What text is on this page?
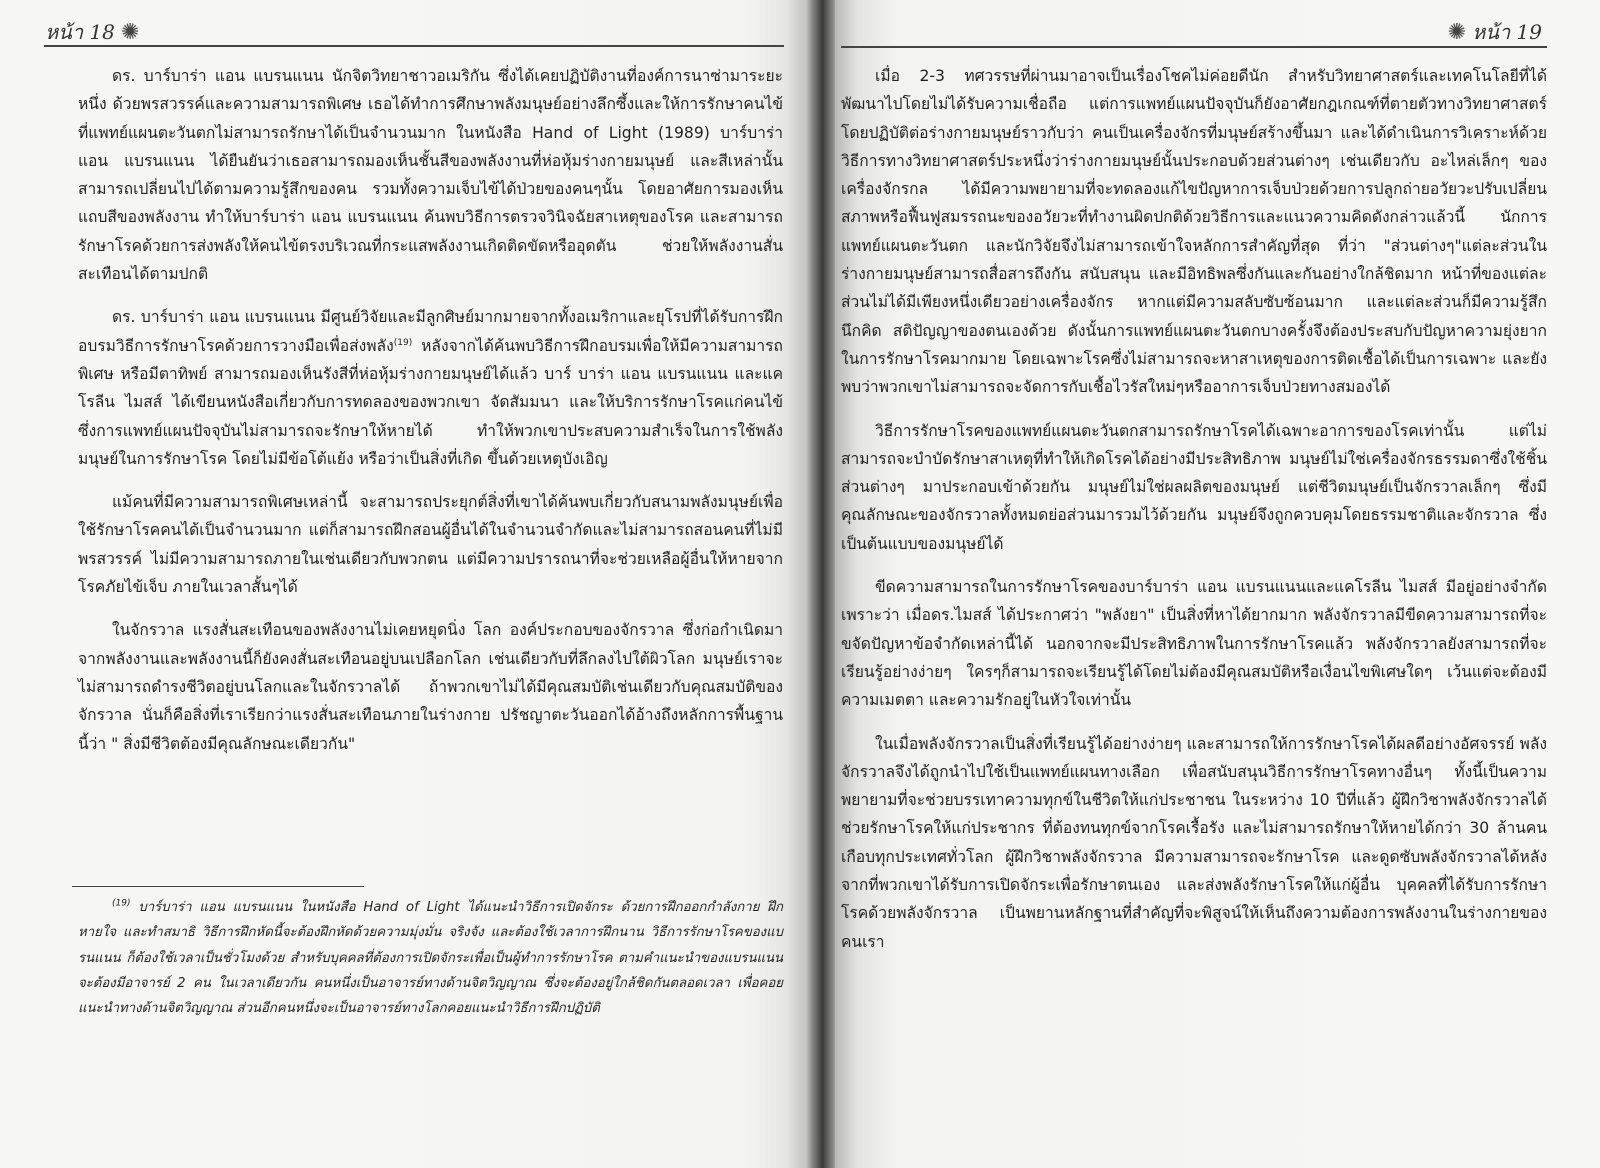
หน้า 18 ✺

ดร. บาร์บาร่า แอน แบรนแนน นักจิตวิทยาชาวอเมริกัน ซึ่งได้เคยปฏิบัติงานที่องค์การนาซ่ามาระยะหนึ่ง ด้วยพรสวรรค์และความสามารถพิเศษ เธอได้ทำการศึกษาพลังมนุษย์อย่างลึกซึ้งและให้การรักษาคนไข้ ที่แพทย์แผนตะวันตกไม่สามารถรักษาได้เป็นจำนวนมาก ในหนังสือ Hand of Light (1989) บาร์บาร่า แอน แบรนแนน ได้ยืนยันว่าเธอสามารถมองเห็นชั้นสีของพลังงานที่ห่อหุ้มร่างกายมนุษย์ และสีเหล่านั้นสามารถเปลี่ยนไปได้ตามความรู้สึกของคน รวมทั้งความเจ็บไข้ได้ป่วยของคนๆนั้น โดยอาศัยการมองเห็นแถบสีของพลังงาน ทำให้บาร์บาร่า แอน แบรนแนน ค้นพบวิธีการตรวจวินิจฉัยสาเหตุของโรค และสามารถรักษาโรคด้วยการส่งพลังให้คนไข้ตรงบริเวณที่กระแสพลังงานเกิดติดขัดหรืออุดตัน ช่วยให้พลังงานสั่นสะเทือนได้ตามปกติ

ดร. บาร์บาร่า แอน แบรนแนน มีศูนย์วิจัยและมีลูกศิษย์มากมายจากทั้งอเมริกาและยุโรปที่ได้รับการฝึกอบรมวิธีการรักษาโรคด้วยการวางมือเพื่อส่งพลัง$^{(19)}$ หลังจากได้ค้นพบวิธีการฝึกอบรมเพื่อให้มีความสามารถพิเศษ หรือมีตาทิพย์ สามารถมองเห็นรังสีที่ห่อหุ้มร่างกายมนุษย์ได้แล้ว บาร์ บาร่า แอน แบรนแนน และแคโรลีน ไมสส์ ได้เขียนหนังสือเกี่ยวกับการทดลองของพวกเขา จัดสัมมนา และให้บริการรักษาโรคแก่คนไข้ ซึ่งการแพทย์แผนปัจจุบันไม่สามารถจะรักษาให้หายได้ ทำให้พวกเขาประสบความสำเร็จในการใช้พลังมนุษย์ในการรักษาโรค โดยไม่มีข้อโต้แย้ง หรือว่าเป็นสิ่งที่เกิด ขึ้นด้วยเหตุบังเอิญ

แม้คนที่มีความสามารถพิเศษเหล่านี้ จะสามารถประยุกต์สิ่งที่เขาได้ค้นพบเกี่ยวกับสนามพลังมนุษย์เพื่อใช้รักษาโรคคนได้เป็นจำนวนมาก แต่ก็สามารถฝึกสอนผู้อื่นได้ในจำนวนจำกัดและไม่สามารถสอนคนที่ไม่มีพรสวรรค์ ไม่มีความสามารถภายในเช่นเดียวกับพวกตน แต่มีความปรารถนาที่จะช่วยเหลือผู้อื่นให้หายจากโรคภัยไข้เจ็บ ภายในเวลาสั้นๆได้

ในจักรวาล แรงสั่นสะเทือนของพลังงานไม่เคยหยุดนิ่ง โลก องค์ประกอบของจักรวาล ซึ่งก่อกำเนิดมาจากพลังงานและพลังงานนี้ก็ยังคงสั่นสะเทือนอยู่บนเปลือกโลก เช่นเดียวกับที่ลึกลงไปใต้ผิวโลก มนุษย์เราจะไม่สามารถดำรงชีวิตอยู่บนโลกและในจักรวาลได้ ถ้าพวกเขาไม่ได้มีคุณสมบัติเช่นเดียวกับคุณสมบัติของจักรวาล นั่นก็คือสิ่งที่เราเรียกว่าแรงสั่นสะเทือนภายในร่างกาย ปรัชญาตะวันออกได้อ้างถึงหลักการพื้นฐานนี้ว่า " สิ่งมีชีวิตต้องมีคุณลักษณะเดียวกัน"

$^{(19)}$ บาร์บาร่า แอน แบรนแนน ในหนังสือ Hand of Light ได้แนะนำวิธีการเปิดจักระ ด้วยการฝึกออกกำลังกาย ฝึกหายใจ และทำสมาธิ วิธีการฝึกหัดนี้จะต้องฝึกหัดด้วยความมุ่งมั่น จริงจัง และต้องใช้เวลาการฝึกนาน วิธีการรักษาโรคของแบรนแนน ก็ต้องใช้เวลาเป็นชั่วโมงด้วย สำหรับบุคคลที่ต้องการเปิดจักระเพื่อเป็นผู้ทำการรักษาโรค ตามคำแนะนำของแบรนแนน จะต้องมีอาจารย์ 2 คน ในเวลาเดียวกัน คนหนึ่งเป็นอาจารย์ทางด้านจิตวิญญาณ ซึ่งจะต้องอยู่ใกล้ชิดกันตลอดเวลา เพื่อคอยแนะนำทางด้านจิตวิญญาณ ส่วนอีกคนหนึ่งจะเป็นอาจารย์ทางโลกคอยแนะนำวิธีการฝึกปฏิบัติ

✺ หน้า 19

เมื่อ 2-3 ทศวรรษที่ผ่านมาอาจเป็นเรื่องโชคไม่ค่อยดีนัก สำหรับวิทยาศาสตร์และเทคโนโลยีที่ได้พัฒนาไปโดยไม่ได้รับความเชื่อถือ แต่การแพทย์แผนปัจจุบันก็ยังอาศัยกฎเกณฑ์ที่ตายตัวทางวิทยาศาสตร์ โดยปฏิบัติต่อร่างกายมนุษย์ราวกับว่า คนเป็นเครื่องจักรที่มนุษย์สร้างขึ้นมา และได้ดำเนินการวิเคราะห์ด้วยวิธีการทางวิทยาศาสตร์ประหนึ่งว่าร่างกายมนุษย์นั้นประกอบด้วยส่วนต่างๆ เช่นเดียวกับ อะไหล่เล็กๆ ของเครื่องจักรกล ได้มีความพยายามที่จะทดลองแก้ไขปัญหาการเจ็บป่วยด้วยการปลูกถ่ายอวัยวะปรับเปลี่ยนสภาพหรือฟื้นฟูสมรรถนะของอวัยวะที่ทำงานผิดปกติด้วยวิธีการและแนวความคิดดังกล่าวแล้วนี้ นักการแพทย์แผนตะวันตก และนักวิจัยจึงไม่สามารถเข้าใจหลักการสำคัญที่สุด ที่ว่า "ส่วนต่างๆ"แต่ละส่วนในร่างกายมนุษย์สามารถสื่อสารถึงกัน สนับสนุน และมีอิทธิพลซึ่งกันและกันอย่างใกล้ชิดมาก หน้าที่ของแต่ละส่วนไม่ได้มีเพียงหนึ่งเดียวอย่างเครื่องจักร หากแต่มีความสลับซับซ้อนมาก และแต่ละส่วนก็มีความรู้สึกนึกคิด สติปัญญาของตนเองด้วย ดังนั้นการแพทย์แผนตะวันตกบางครั้งจึงต้องประสบกับปัญหาความยุ่งยากในการรักษาโรคมากมาย โดยเฉพาะโรคซึ่งไม่สามารถจะหาสาเหตุของการติดเชื้อได้เป็นการเฉพาะ และยังพบว่าพวกเขาไม่สามารถจะจัดการกับเชื้อไวรัสใหม่ๆหรืออาการเจ็บป่วยทางสมองได้

วิธีการรักษาโรคของแพทย์แผนตะวันตกสามารถรักษาโรคได้เฉพาะอาการของโรคเท่านั้น แต่ไม่สามารถจะบำบัดรักษาสาเหตุที่ทำให้เกิดโรคได้อย่างมีประสิทธิภาพ มนุษย์ไม่ใช่เครื่องจักรธรรมดาซึ่งใช้ชิ้นส่วนต่างๆ มาประกอบเข้าด้วยกัน มนุษย์ไม่ใช่ผลผลิตของมนุษย์ แต่ชีวิตมนุษย์เป็นจักรวาลเล็กๆ ซึ่งมีคุณลักษณะของจักรวาลทั้งหมดย่อส่วนมารวมไว้ด้วยกัน มนุษย์จึงถูกควบคุมโดยธรรมชาติและจักรวาล ซึ่งเป็นต้นแบบของมนุษย์ได้

ขีดความสามารถในการรักษาโรคของบาร์บาร่า แอน แบรนแนนและแคโรลีน ไมสส์ มีอยู่อย่างจำกัด เพราะว่า เมื่อดร.ไมสส์ ได้ประกาศว่า "พลังยา" เป็นสิ่งที่หาได้ยากมาก พลังจักรวาลมีขีดความสามารถที่จะขจัดปัญหาข้อจำกัดเหล่านี้ได้ นอกจากจะมีประสิทธิภาพในการรักษาโรคแล้ว พลังจักรวาลยังสามารถที่จะเรียนรู้อย่างง่ายๆ ใครๆก็สามารถจะเรียนรู้ได้โดยไม่ต้องมีคุณสมบัติหรือเงื่อนไขพิเศษใดๆ เว้นแต่จะต้องมีความเมตตา และความรักอยู่ในหัวใจเท่านั้น

ในเมื่อพลังจักรวาลเป็นสิ่งที่เรียนรู้ได้อย่างง่ายๆ และสามารถให้การรักษาโรคได้ผลดีอย่างอัศจรรย์ พลังจักรวาลจึงได้ถูกนำไปใช้เป็นแพทย์แผนทางเลือก เพื่อสนับสนุนวิธีการรักษาโรคทางอื่นๆ ทั้งนี้เป็นความพยายามที่จะช่วยบรรเทาความทุกข์ในชีวิตให้แก่ประชาชน ในระหว่าง 10 ปีที่แล้ว ผู้ฝึกวิชาพลังจักรวาลได้ช่วยรักษาโรคให้แก่ประชากร ที่ต้องทนทุกข์จากโรคเรื้อรัง และไม่สามารถรักษาให้หายได้กว่า 30 ล้านคน เกือบทุกประเทศทั่วโลก ผู้ฝึกวิชาพลังจักรวาล มีความสามารถจะรักษาโรค และดูดซับพลังจักรวาลได้หลังจากที่พวกเขาได้รับการเปิดจักระเพื่อรักษาตนเอง และส่งพลังรักษาโรคให้แก่ผู้อื่น บุคคลที่ได้รับการรักษาโรคด้วยพลังจักรวาล เป็นพยานหลักฐานที่สำคัญที่จะพิสูจน์ให้เห็นถึงความต้องการพลังงานในร่างกายของคนเรา
